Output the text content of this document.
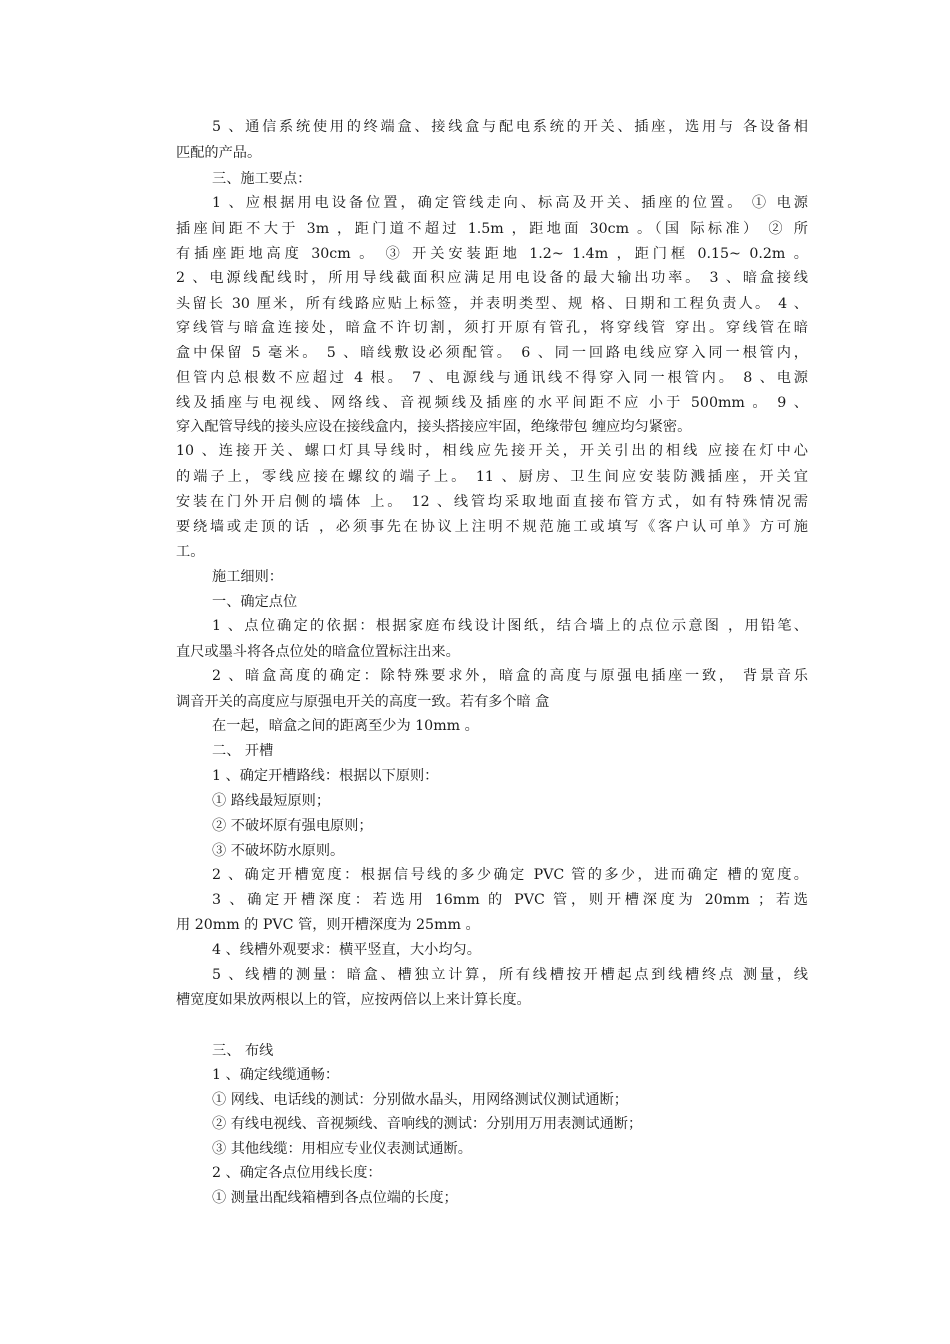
5 、通信系统使用的终端盒、接线盒与配电系统的开关、插座，选用与 各设备相
匹配的产品。
三、施工要点：
1 、应根据用电设备位置，确定管线走向、标高及开关、插座的位置。 ① 电源
插座间距不大于 3m ，距门道不超过 1.5m ，距地面 30cm 。（国 际标准） ② 所
有插座距地高度 30cm 。 ③ 开关安装距地 1.2~ 1.4m ，距门框 0.15~ 0.2m 。
2 、电源线配线时，所用导线截面积应满足用电设备的最大输出功率。 3 、暗盒接线
头留长 30 厘米，所有线路应贴上标签，并表明类型、规 格、日期和工程负责人。 4 、
穿线管与暗盒连接处，暗盒不许切割，须打开原有管孔，将穿线管 穿出。穿线管在暗
盒中保留 5 毫米。 5 、暗线敷设必须配管。 6 、同一回路电线应穿入同一根管内，
但管内总根数不应超过 4 根。 7 、电源线与通讯线不得穿入同一根管内。 8 、电源
线及插座与电视线、网络线、音视频线及插座的水平间距不应 小于 500mm 。 9 、
穿入配管导线的接头应设在接线盒内，接头搭接应牢固，绝缘带包 缠应均匀紧密。
10 、连接开关、螺口灯具导线时，相线应先接开关，开关引出的相线 应接在灯中心
的端子上，零线应接在螺纹的端子上。 11 、厨房、卫生间应安装防溅插座，开关宜
安装在门外开启侧的墙体 上。 12 、线管均采取地面直接布管方式，如有特殊情况需
要绕墙或走顶的话 ，必须事先在协议上注明不规范施工或填写《客户认可单》方可施
工。
施工细则：
一、确定点位
1 、点位确定的依据：根据家庭布线设计图纸，结合墙上的点位示意图 ，用铅笔、
直尺或墨斗将各点位处的暗盒位置标注出来。
2 、暗盒高度的确定：除特殊要求外，暗盒的高度与原强电插座一致， 背景音乐
调音开关的高度应与原强电开关的高度一致。若有多个暗 盒
在一起，暗盒之间的距离至少为 10mm 。
二、 开槽
1 、确定开槽路线：根据以下原则：
① 路线最短原则；
② 不破坏原有强电原则；
③ 不破坏防水原则。
2 、确定开槽宽度：根据信号线的多少确定 PVC 管的多少，进而确定 槽的宽度。
3 、确定开槽深度：若选用 16mm 的 PVC 管，则开槽深度为 20mm ；若选
用 20mm 的 PVC 管，则开槽深度为 25mm 。
4 、线槽外观要求：横平竖直，大小均匀。
5 、线槽的测量：暗盒、槽独立计算，所有线槽按开槽起点到线槽终点 测量，线
槽宽度如果放两根以上的管，应按两倍以上来计算长度。
三、 布线
1 、确定线缆通畅：
① 网线、电话线的测试：分别做水晶头，用网络测试仪测试通断；
② 有线电视线、音视频线、音响线的测试：分别用万用表测试通断；
③ 其他线缆：用相应专业仪表测试通断。
2 、确定各点位用线长度：
① 测量出配线箱槽到各点位端的长度；
